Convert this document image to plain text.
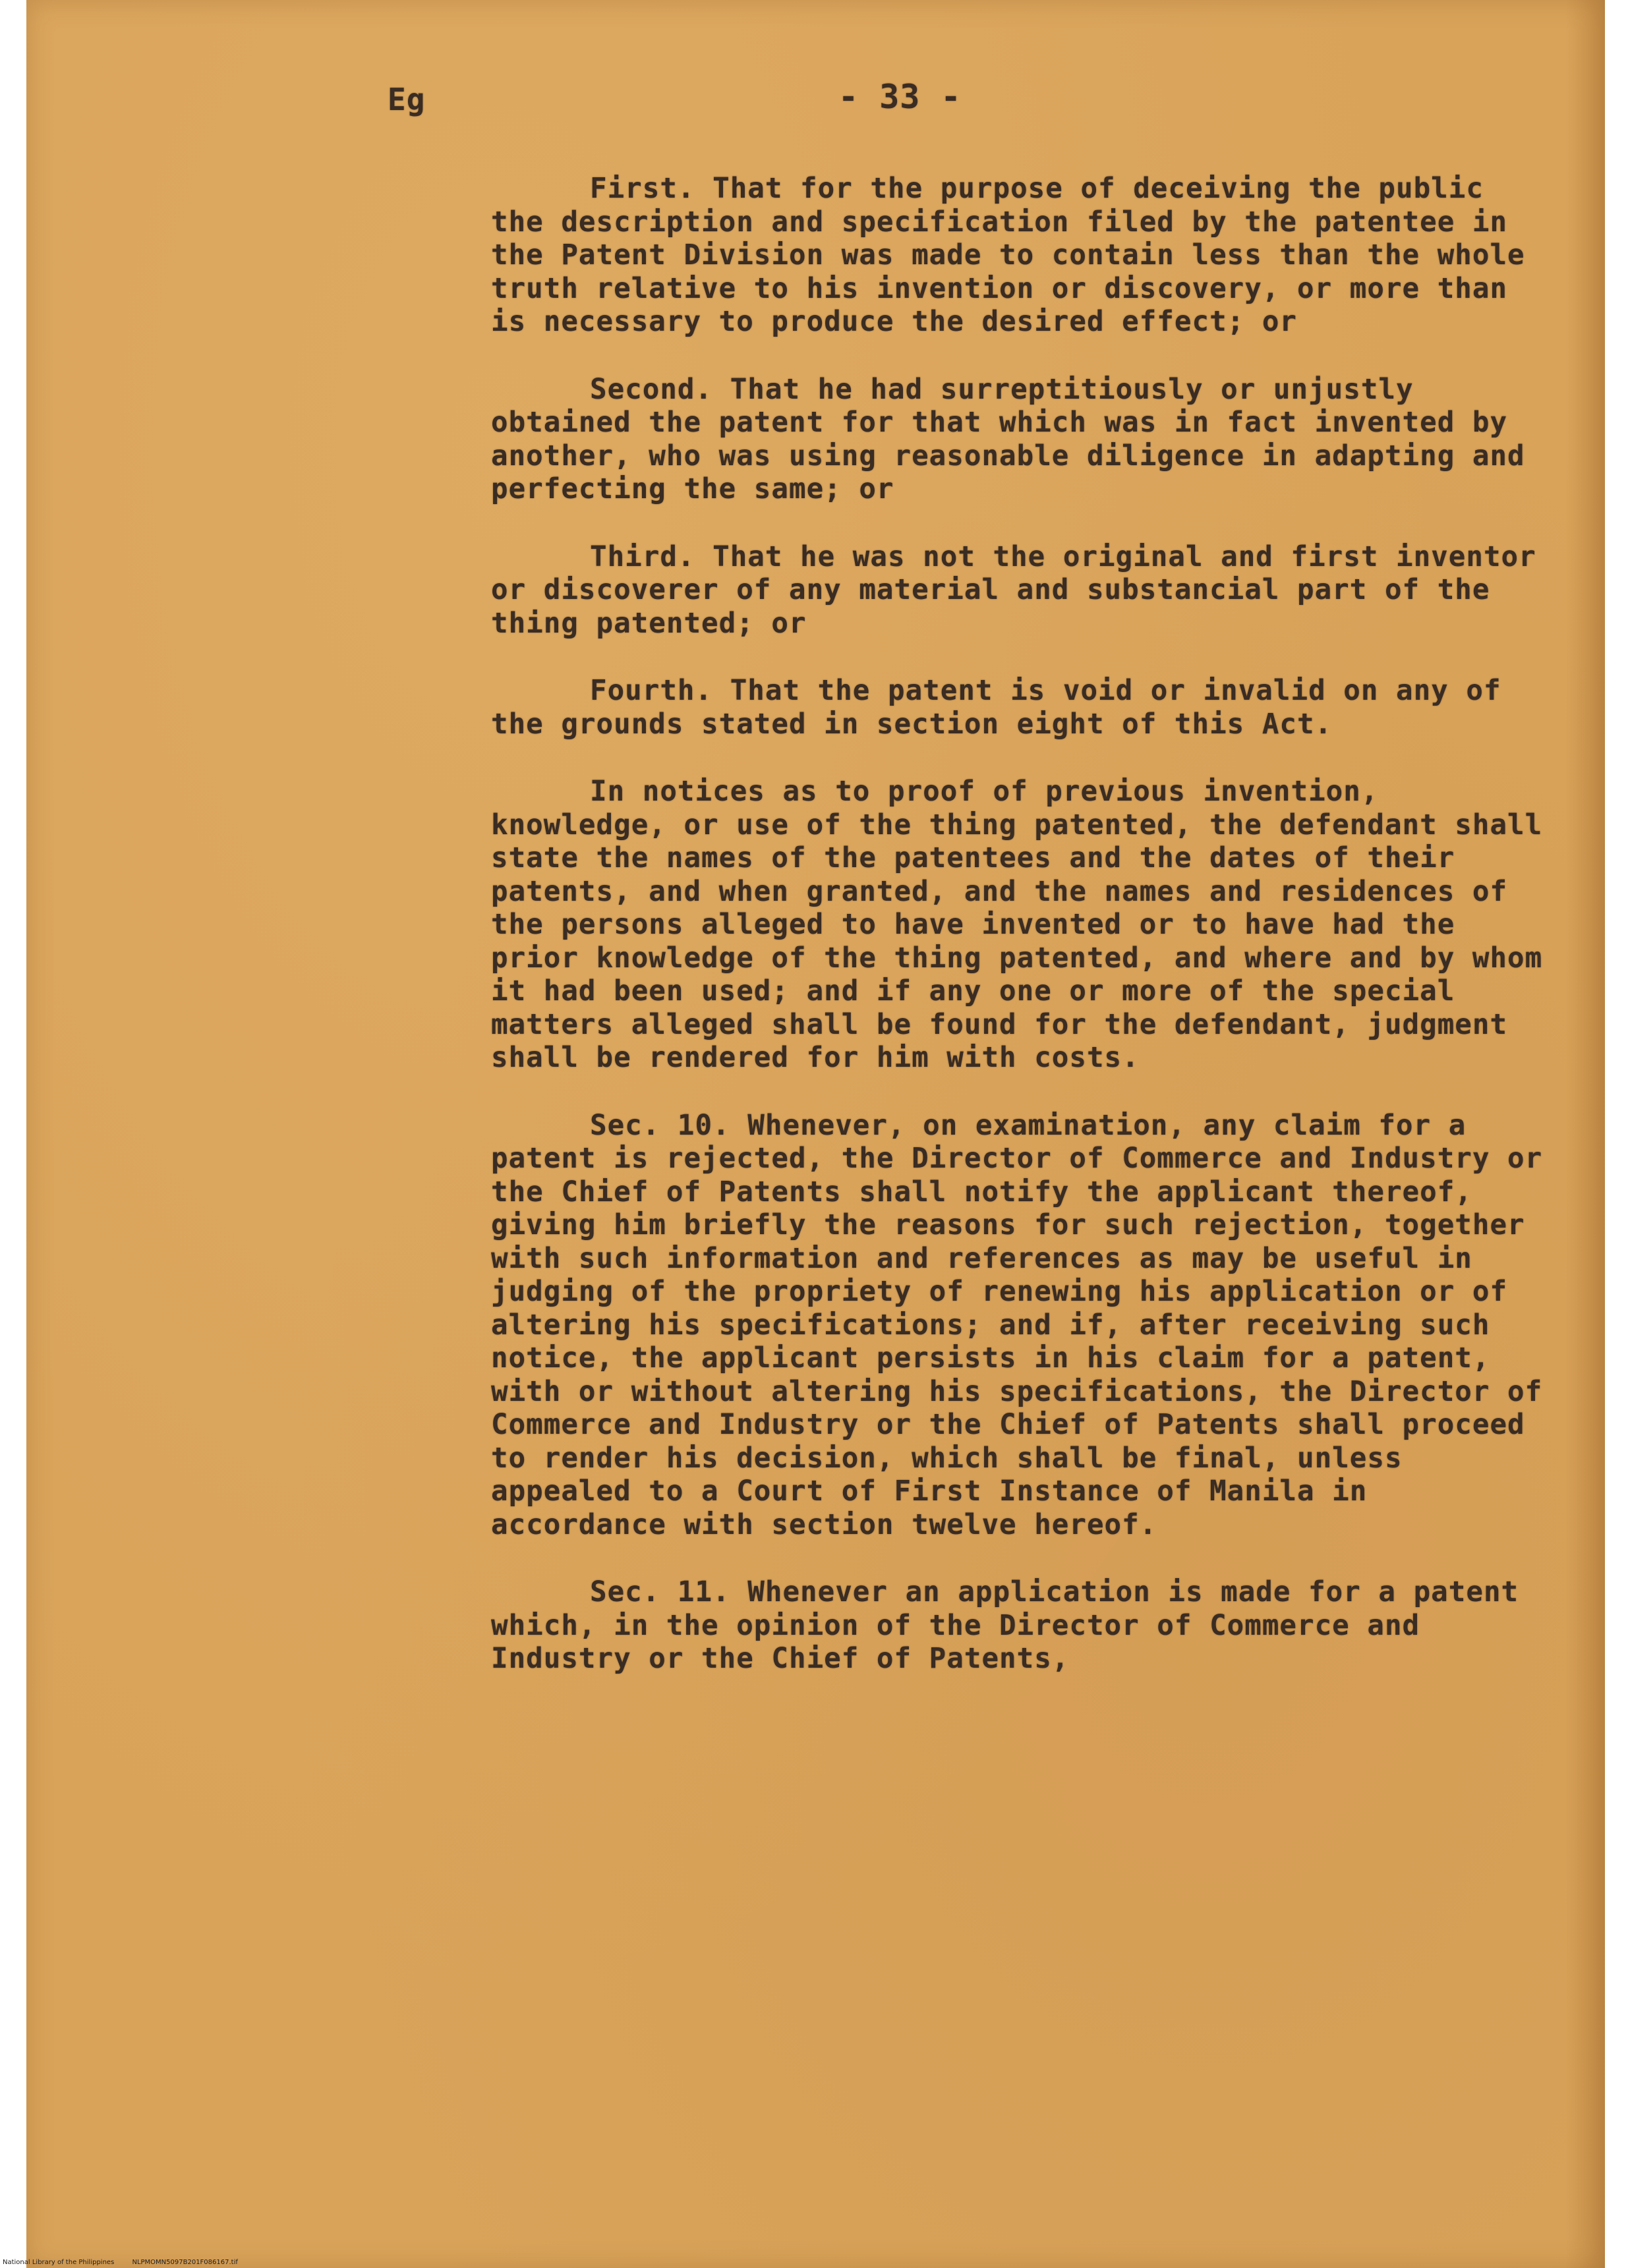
Eg	- 33 -

First. That for the purpose of deceiving the public the description and specification filed by the patentee in the Patent Division was made to contain less than the whole truth relative to his invention or discovery, or more than is necessary to produce the desired effect; or

Second. That he had surreptitiously or unjustly obtained the patent for that which was in fact invented by another, who was using reasonable diligence in adapting and perfecting the same; or

Third. That he was not the original and first inventor or discoverer of any material and substancial part of the thing patented; or

Fourth. That the patent is void or invalid on any of the grounds stated in section eight of this Act.

In notices as to proof of previous invention, knowledge, or use of the thing patented, the defendant shall state the names of the patentees and the dates of their patents, and when granted, and the names and residences of the persons alleged to have invented or to have had the prior knowledge of the thing patented, and where and by whom it had been used; and if any one or more of the special matters alleged shall be found for the defendant, judgment shall be rendered for him with costs.

Sec. 10. Whenever, on examination, any claim for a patent is rejected, the Director of Commerce and Industry or the Chief of Patents shall notify the applicant thereof, giving him briefly the reasons for such rejection, together with such information and references as may be useful in judging of the propriety of renewing his application or of altering his specifications; and if, after receiving such notice, the applicant persists in his claim for a patent, with or without altering his specifications, the Director of Commerce and Industry or the Chief of Patents shall proceed to render his decision, which shall be final, unless appealed to a Court of First Instance of Manila in accordance with section twelve hereof.

Sec. 11. Whenever an application is made for a patent which, in the opinion of the Director of Commerce and Industry or the Chief of Patents,

National Library of the Philippines	NLPMOMN5097B201F086167.tif
